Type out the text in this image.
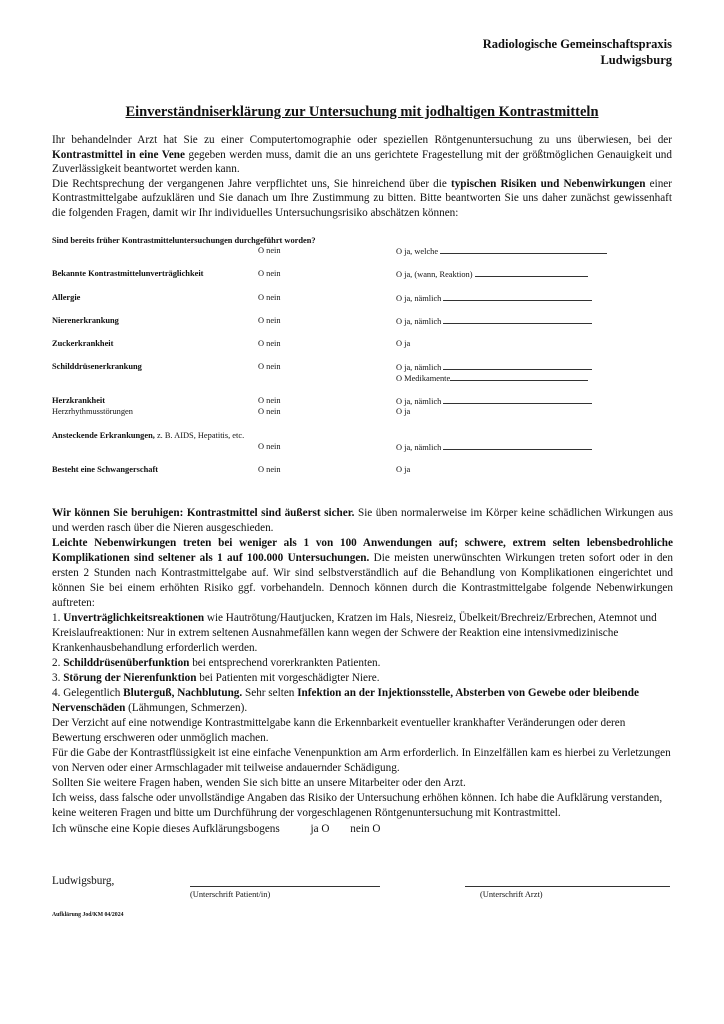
Radiologische Gemeinschaftspraxis
Ludwigsburg
Einverständniserklärung zur Untersuchung mit jodhaltigen Kontrastmitteln

Ihr behandelnder Arzt hat Sie zu einer Computertomographie oder speziellen Röntgenuntersuchung zu uns überwiesen, bei der Kontrastmittel in eine Vene gegeben werden muss, damit die an uns gerichtete Fragestellung mit der größtmöglichen Genauigkeit und Zuverlässigkeit beantwortet werden kann.

Die Rechtsprechung der vergangenen Jahre verpflichtet uns, Sie hinreichend über die typischen Risiken und Nebenwirkungen einer Kontrastmittelgabe aufzuklären und Sie danach um Ihre Zustimmung zu bitten. Bitte beantworten Sie uns daher zunächst gewissenhaft die folgenden Fragen, damit wir Ihr individuelles Untersuchungsrisiko abschätzen können:

Sind bereits früher Kontrastmitteluntersuchungen durchgeführt worden?
O nein	O ja, welche
Bekannte Kontrastmittelunverträglichkeit	O nein	O ja, (wann, Reaktion)
Allergie	O nein	O ja, nämlich
Nierenerkrankung	O nein	O ja, nämlich
Zuckerkrankheit	O nein	O ja
Schilddrüsenerkrankung	O nein	O ja, nämlich
O Medikamente
Herzkrankheit	O nein	O ja, nämlich
Herzrhythmusstörungen	O nein	O ja
Ansteckende Erkrankungen, z. B. AIDS, Hepatitis, etc.
O nein	O ja, nämlich
Besteht eine Schwangerschaft	O nein	O ja

Wir können Sie beruhigen: Kontrastmittel sind äußerst sicher. Sie üben normalerweise im Körper keine schädlichen Wirkungen aus und werden rasch über die Nieren ausgeschieden.

Leichte Nebenwirkungen treten bei weniger als 1 von 100 Anwendungen auf; schwere, extrem selten lebensbedrohliche Komplikationen sind seltener als 1 auf 100.000 Untersuchungen. Die meisten unerwünschten Wirkungen treten sofort oder in den ersten 2 Stunden nach Kontrastmittelgabe auf. Wir sind selbstverständlich auf die Behandlung von Komplikationen eingerichtet und können Sie bei einem erhöhten Risiko ggf. vorbehandeln. Dennoch können durch die Kontrastmittelgabe folgende Nebenwirkungen auftreten:

1. Unverträglichkeitsreaktionen wie Hautrötung/Hautjucken, Kratzen im Hals, Niesreiz, Übelkeit/Brechreiz/Erbrechen, Atemnot und Kreislaufreaktionen: Nur in extrem seltenen Ausnahmefällen kann wegen der Schwere der Reaktion eine intensivmedizinische Krankenhausbehandlung erforderlich werden.

2. Schilddrüsenüberfunktion bei entsprechend vorerkrankten Patienten.

3. Störung der Nierenfunktion bei Patienten mit vorgeschädigter Niere.

4. Gelegentlich Bluterguß, Nachblutung. Sehr selten Infektion an der Injektionsstelle, Absterben von Gewebe oder bleibende Nervenschäden (Lähmungen, Schmerzen).

Der Verzicht auf eine notwendige Kontrastmittelgabe kann die Erkennbarkeit eventueller krankhafter Veränderungen oder deren Bewertung erschweren oder unmöglich machen.

Für die Gabe der Kontrastflüssigkeit ist eine einfache Venenpunktion am Arm erforderlich. In Einzelfällen kam es hierbei zu Verletzungen von Nerven oder einer Armschlagader mit teilweise andauernder Schädigung.

Sollten Sie weitere Fragen haben, wenden Sie sich bitte an unsere Mitarbeiter oder den Arzt.

Ich weiss, dass falsche oder unvollständige Angaben das Risiko der Untersuchung erhöhen können. Ich habe die Aufklärung verstanden, keine weiteren Fragen und bitte um Durchführung der vorgeschlagenen Röntgenuntersuchung mit Kontrastmittel.

Ich wünsche eine Kopie dieses Aufklärungsbogens	ja O nein O
Ludwigsburg,
(Unterschrift Patient/in)	(Unterschrift Arzt)
Aufklärung Jod/KM 04/2024
